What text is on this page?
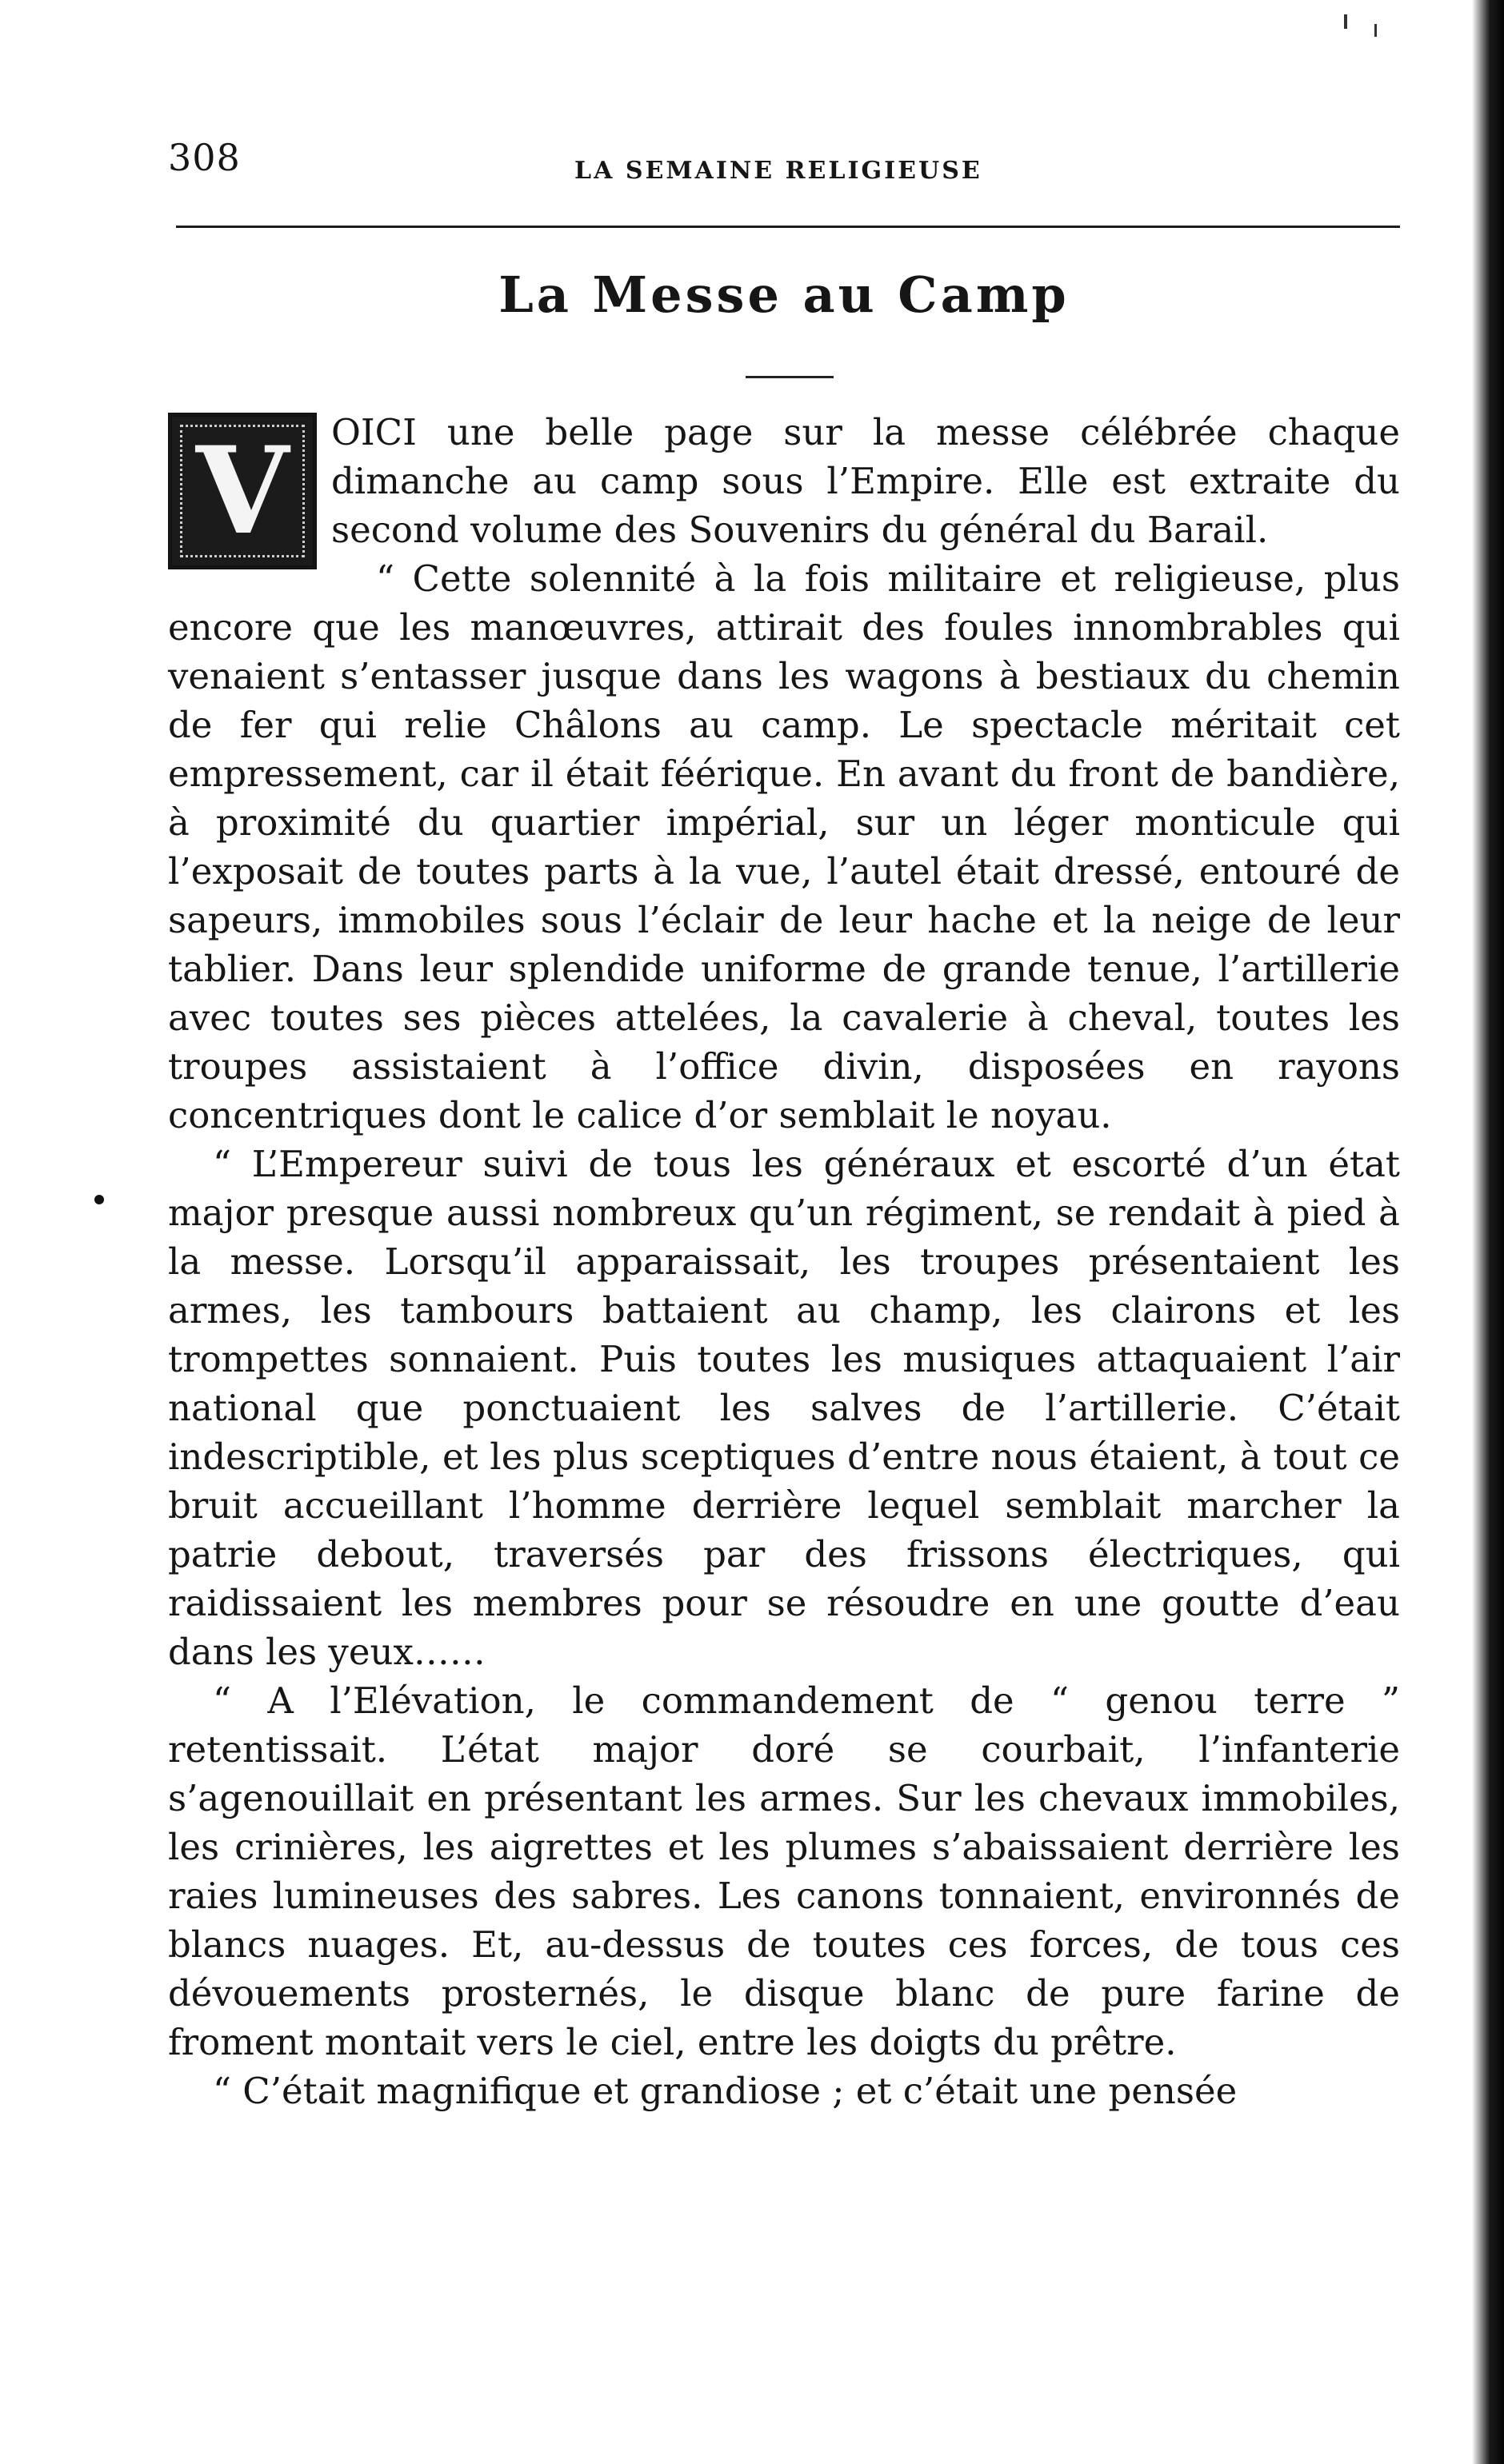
308	LA SEMAINE RELIGIEUSE
La Messe au Camp
V	OICI une belle page sur la messe célébrée chaque dimanche au camp sous l’Empire. Elle est extraite du second volume des Souvenirs du général du Barail.

“ Cette solennité à la fois militaire et religieuse, plus encore que les manœuvres, attirait des foules innombrables qui venaient s’entasser jusque dans les wagons à bestiaux du chemin de fer qui relie Châlons au camp. Le spectacle méritait cet empressement, car il était féérique. En avant du front de bandière, à proximité du quartier impérial, sur un léger monticule qui l’exposait de toutes parts à la vue, l’autel était dressé, entouré de sapeurs, immobiles sous l’éclair de leur hache et la neige de leur tablier. Dans leur splendide uniforme de grande tenue, l’artillerie avec toutes ses pièces attelées, la cavalerie à cheval, toutes les troupes assistaient à l’office divin, disposées en rayons concentriques dont le calice d’or semblait le noyau.

“ L’Empereur suivi de tous les généraux et escorté d’un état major presque aussi nombreux qu’un régiment, se rendait à pied à la messe. Lorsqu’il apparaissait, les troupes présentaient les armes, les tambours battaient au champ, les clairons et les trompettes sonnaient. Puis toutes les musiques attaquaient l’air national que ponctuaient les salves de l’artillerie. C’était indescriptible, et les plus sceptiques d’entre nous étaient, à tout ce bruit accueillant l’homme derrière lequel semblait marcher la patrie debout, traversés par des frissons électriques, qui raidissaient les membres pour se résoudre en une goutte d’eau dans les yeux……

“ A l’Elévation, le commandement de “ genou terre ” retentissait. L’état major doré se courbait, l’infanterie s’agenouillait en présentant les armes. Sur les chevaux immobiles, les crinières, les aigrettes et les plumes s’abaissaient derrière les raies lumineuses des sabres. Les canons tonnaient, environnés de blancs nuages. Et, au-dessus de toutes ces forces, de tous ces dévouements prosternés, le disque blanc de pure farine de froment montait vers le ciel, entre les doigts du prêtre.

“ C’était magnifique et grandiose ; et c’était une pensée
